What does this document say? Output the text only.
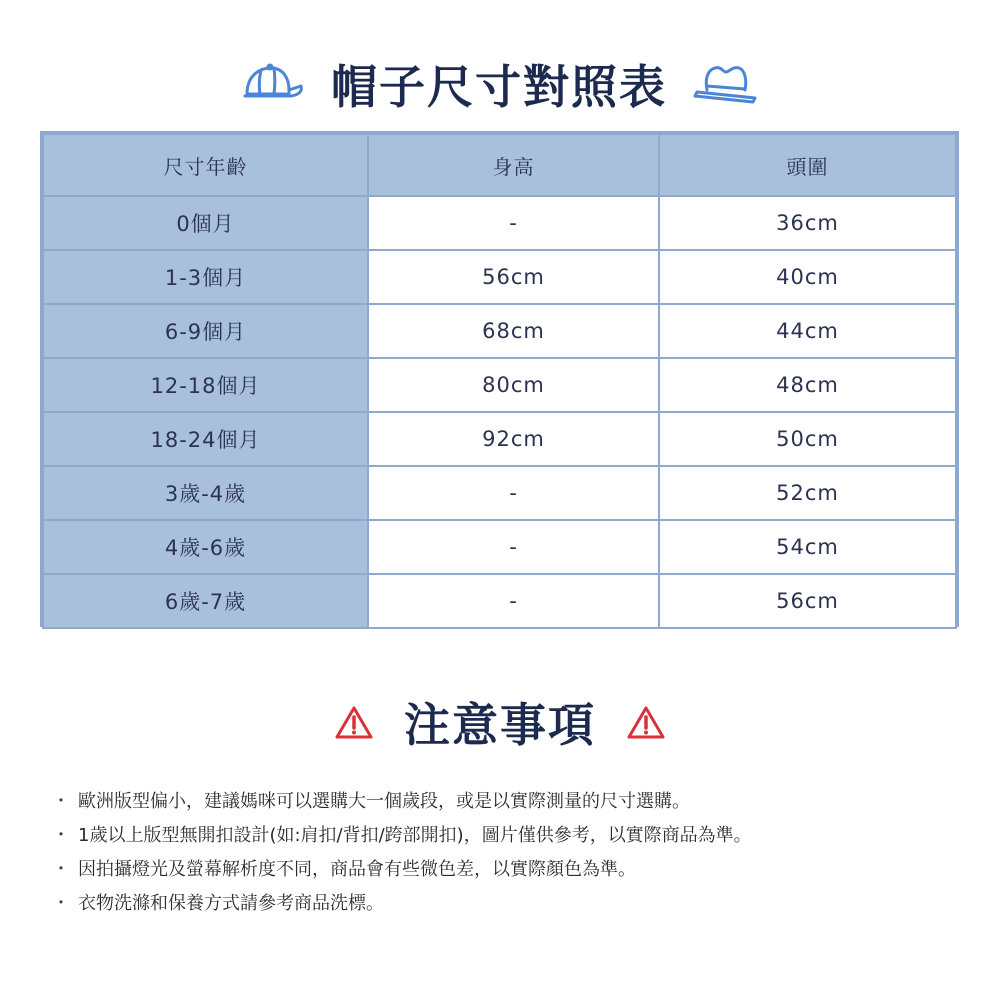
帽子尺寸對照表
尺寸年齡	身高	頭圍
0個月	-	36cm
1-3個月	56cm	40cm
6-9個月	68cm	44cm
12-18個月	80cm	48cm
18-24個月	92cm	50cm
3歲-4歲	-	52cm
4歲-6歲	-	54cm
6歲-7歲	-	56cm
注意事項
・ 歐洲版型偏小，建議媽咪可以選購大一個歲段，或是以實際測量的尺寸選購。
・ 1歲以上版型無開扣設計(如:肩扣/背扣/跨部開扣)，圖片僅供參考，以實際商品為準。
・ 因拍攝燈光及螢幕解析度不同，商品會有些微色差，以實際顏色為準。
・ 衣物洗滌和保養方式請參考商品洗標。
